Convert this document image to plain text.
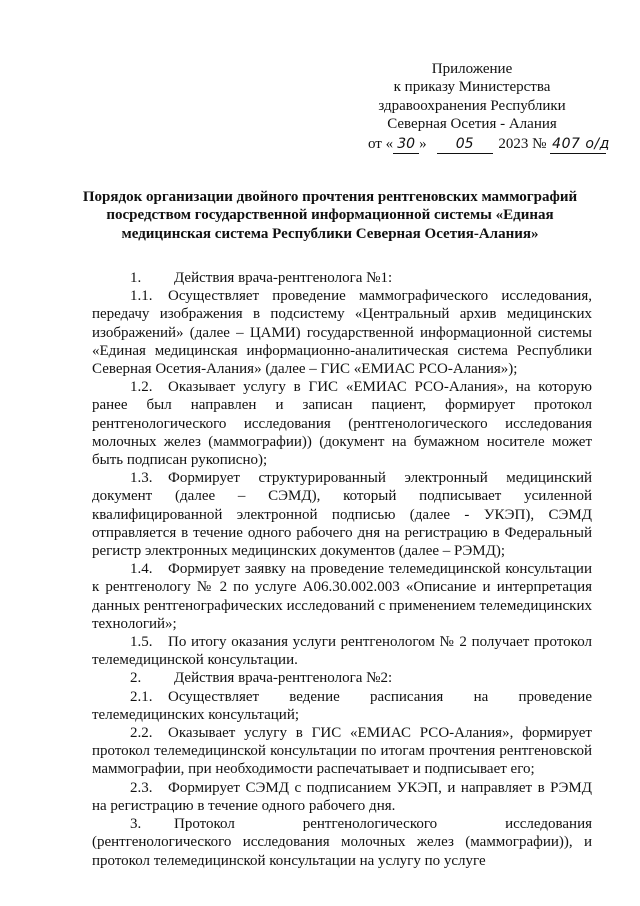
Приложение
к приказу Министерства
здравоохранения Республики
Северная Осетия - Алания
от « 30 » 05 2023 № 407 о/д
Порядок организации двойного прочтения рентгеновских маммографий посредством государственной информационной системы «Единая медицинская система Республики Северная Осетия-Алания»
1. Действия врача-рентгенолога №1:
1.1. Осуществляет проведение маммографического исследования, передачу изображения в подсистему «Центральный архив медицинских изображений» (далее – ЦАМИ) государственной информационной системы «Единая медицинская информационно-аналитическая система Республики Северная Осетия-Алания» (далее – ГИС «ЕМИАС РСО-Алания»);
1.2. Оказывает услугу в ГИС «ЕМИАС РСО-Алания», на которую ранее был направлен и записан пациент, формирует протокол рентгенологического исследования (рентгенологического исследования молочных желез (маммографии)) (документ на бумажном носителе может быть подписан рукописно);
1.3. Формирует структурированный электронный медицинский документ (далее – СЭМД), который подписывает усиленной квалифицированной электронной подписью (далее - УКЭП), СЭМД отправляется в течение одного рабочего дня на регистрацию в Федеральный регистр электронных медицинских документов (далее – РЭМД);
1.4. Формирует заявку на проведение телемедицинской консультации к рентгенологу № 2 по услуге А06.30.002.003 «Описание и интерпретация данных рентгенографических исследований с применением телемедицинских технологий»;
1.5. По итогу оказания услуги рентгенологом № 2 получает протокол телемедицинской консультации.
2. Действия врача-рентгенолога №2:
2.1. Осуществляет ведение расписания на проведение телемедицинских консультаций;
2.2. Оказывает услугу в ГИС «ЕМИАС РСО-Алания», формирует протокол телемедицинской консультации по итогам прочтения рентгеновской маммографии, при необходимости распечатывает и подписывает его;
2.3. Формирует СЭМД с подписанием УКЭП, и направляет в РЭМД на регистрацию в течение одного рабочего дня.
3. Протокол рентгенологического исследования (рентгенологического исследования молочных желез (маммографии)), и протокол телемедицинской консультации на услугу по услуге
